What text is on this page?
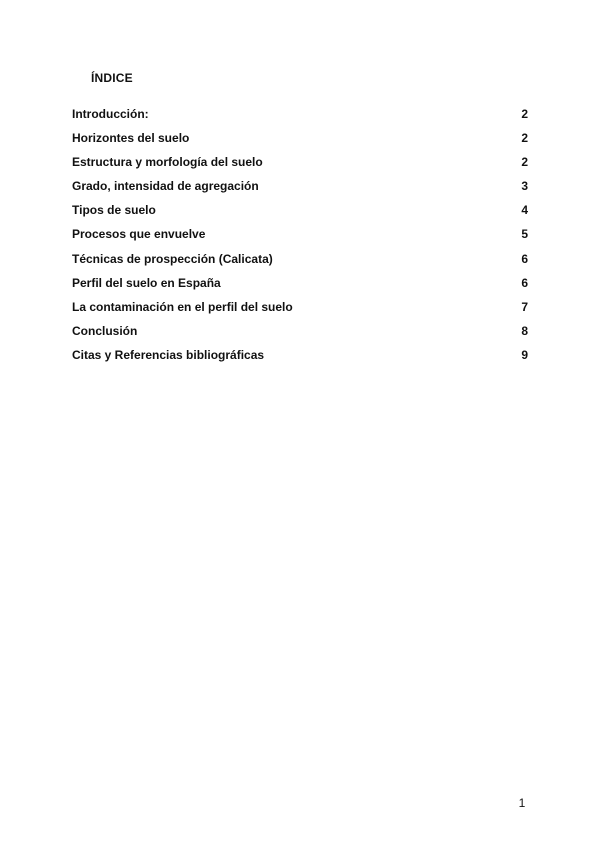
ÍNDICE
Introducción:	2
Horizontes del suelo	2
Estructura y morfología del suelo	2
Grado, intensidad de agregación	3
Tipos de suelo	4
Procesos que envuelve	5
Técnicas de prospección (Calicata)	6
Perfil del suelo en España	6
La contaminación en el perfil del suelo	7
Conclusión	8
Citas y Referencias bibliográficas	9
1
